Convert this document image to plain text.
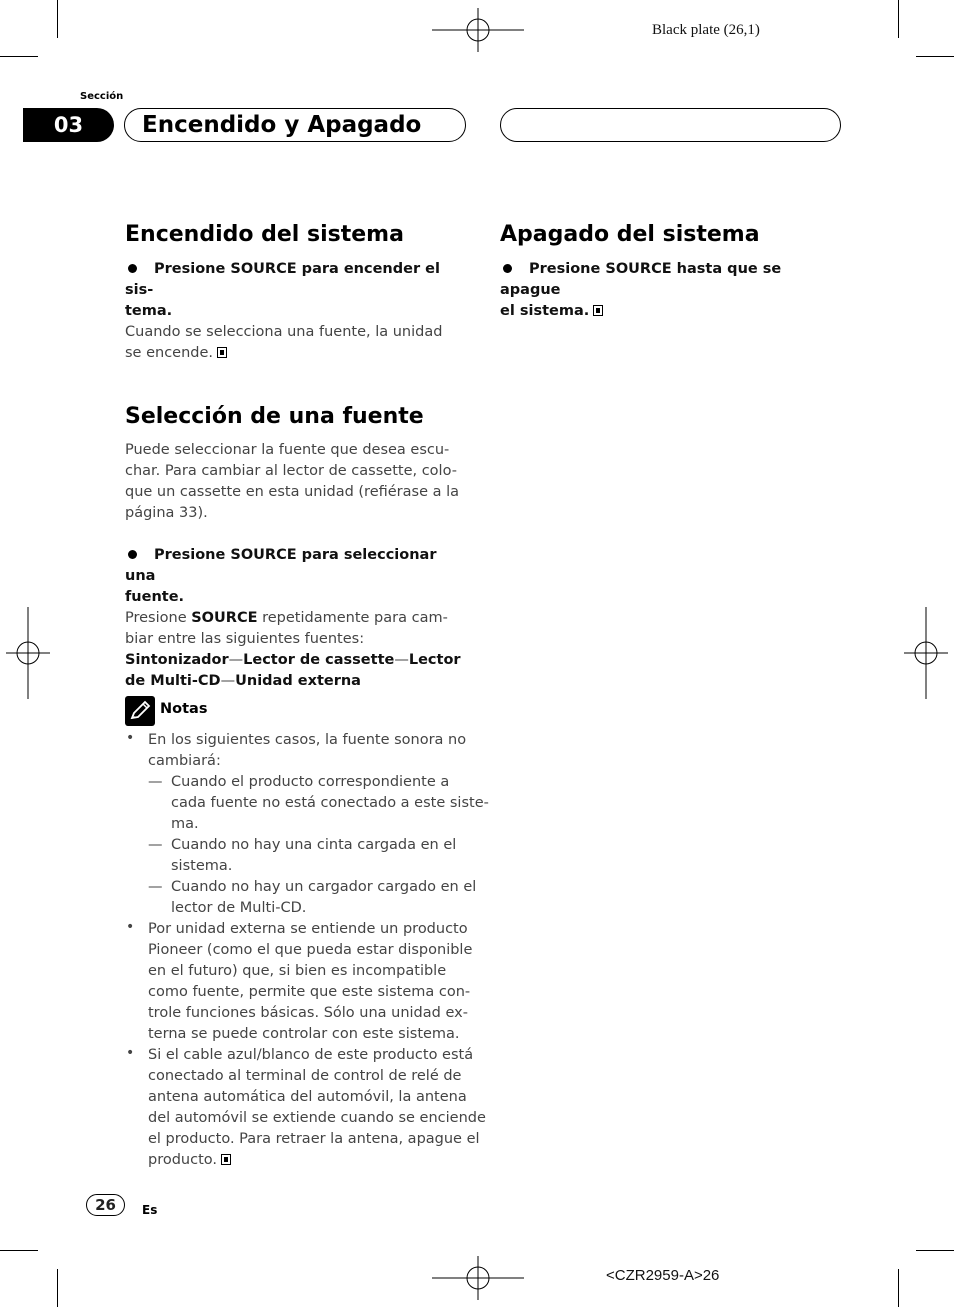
Black plate (26,1)
Sección
03	Encendido y Apagado
Encendido del sistema
Presione SOURCE para encender el sis-
tema.
Cuando se selecciona una fuente, la unidad
se encende.
Selección de una fuente
Puede seleccionar la fuente que desea escu-
char. Para cambiar al lector de cassette, colo-
que un cassette en esta unidad (refiérase a la
página 33).
Presione SOURCE para seleccionar una
fuente.
Presione SOURCE repetidamente para cam-
biar entre las siguientes fuentes:
Sintonizador—Lector de cassette—Lector
de Multi-CD—Unidad externa
Notas
• En los siguientes casos, la fuente sonora no
cambiará:
— Cuando el producto correspondiente a
cada fuente no está conectado a este siste-
ma.
— Cuando no hay una cinta cargada en el
sistema.
— Cuando no hay un cargador cargado en el
lector de Multi-CD.
• Por unidad externa se entiende un producto
Pioneer (como el que pueda estar disponible
en el futuro) que, si bien es incompatible
como fuente, permite que este sistema con-
trole funciones básicas. Sólo una unidad ex-
terna se puede controlar con este sistema.
• Si el cable azul/blanco de este producto está
conectado al terminal de control de relé de
antena automática del automóvil, la antena
del automóvil se extiende cuando se enciende
el producto. Para retraer la antena, apague el
producto.
Apagado del sistema
Presione SOURCE hasta que se apague
el sistema.
26	Es
<CZR2959-A>26
